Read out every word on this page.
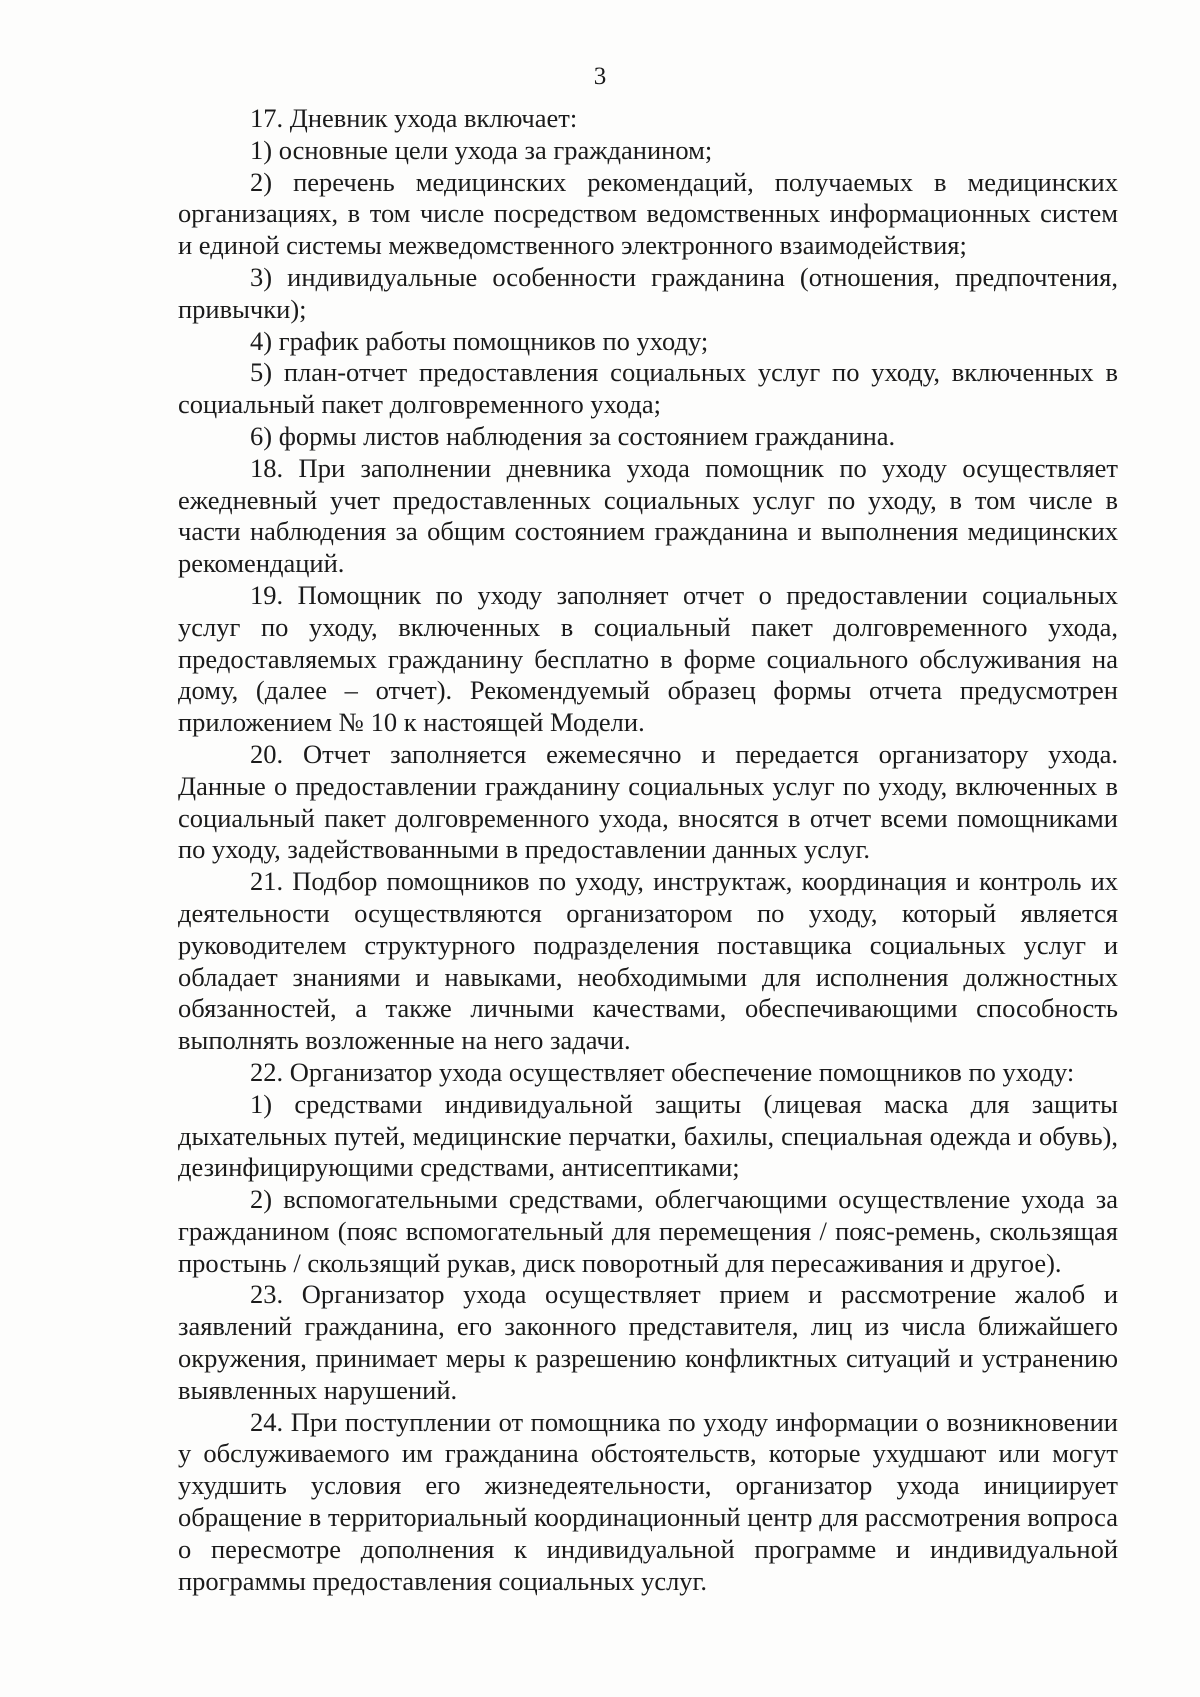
3

17. Дневник ухода включает:

1) основные цели ухода за гражданином;

2) перечень медицинских рекомендаций, получаемых в медицинских организациях, в том числе посредством ведомственных информационных систем и единой системы межведомственного электронного взаимодействия;

3) индивидуальные особенности гражданина (отношения, предпочтения, привычки);

4) график работы помощников по уходу;

5) план-отчет предоставления социальных услуг по уходу, включенных в социальный пакет долговременного ухода;

6) формы листов наблюдения за состоянием гражданина.

18. При заполнении дневника ухода помощник по уходу осуществляет ежедневный учет предоставленных социальных услуг по уходу, в том числе в части наблюдения за общим состоянием гражданина и выполнения медицинских рекомендаций.

19. Помощник по уходу заполняет отчет о предоставлении социальных услуг по уходу, включенных в социальный пакет долговременного ухода, предоставляемых гражданину бесплатно в форме социального обслуживания на дому, (далее – отчет). Рекомендуемый образец формы отчета предусмотрен приложением № 10 к настоящей Модели.

20. Отчет заполняется ежемесячно и передается организатору ухода. Данные о предоставлении гражданину социальных услуг по уходу, включенных в социальный пакет долговременного ухода, вносятся в отчет всеми помощниками по уходу, задействованными в предоставлении данных услуг.

21. Подбор помощников по уходу, инструктаж, координация и контроль их деятельности осуществляются организатором по уходу, который является руководителем структурного подразделения поставщика социальных услуг и обладает знаниями и навыками, необходимыми для исполнения должностных обязанностей, а также личными качествами, обеспечивающими способность выполнять возложенные на него задачи.

22. Организатор ухода осуществляет обеспечение помощников по уходу:

1) средствами индивидуальной защиты (лицевая маска для защиты дыхательных путей, медицинские перчатки, бахилы, специальная одежда и обувь), дезинфицирующими средствами, антисептиками;

2) вспомогательными средствами, облегчающими осуществление ухода за гражданином (пояс вспомогательный для перемещения / пояс-ремень, скользящая простынь / скользящий рукав, диск поворотный для пересаживания и другое).

23. Организатор ухода осуществляет прием и рассмотрение жалоб и заявлений гражданина, его законного представителя, лиц из числа ближайшего окружения, принимает меры к разрешению конфликтных ситуаций и устранению выявленных нарушений.

24. При поступлении от помощника по уходу информации о возникновении у обслуживаемого им гражданина обстоятельств, которые ухудшают или могут ухудшить условия его жизнедеятельности, организатор ухода инициирует обращение в территориальный координационный центр для рассмотрения вопроса о пересмотре дополнения к индивидуальной программе и индивидуальной программы предоставления социальных услуг.
